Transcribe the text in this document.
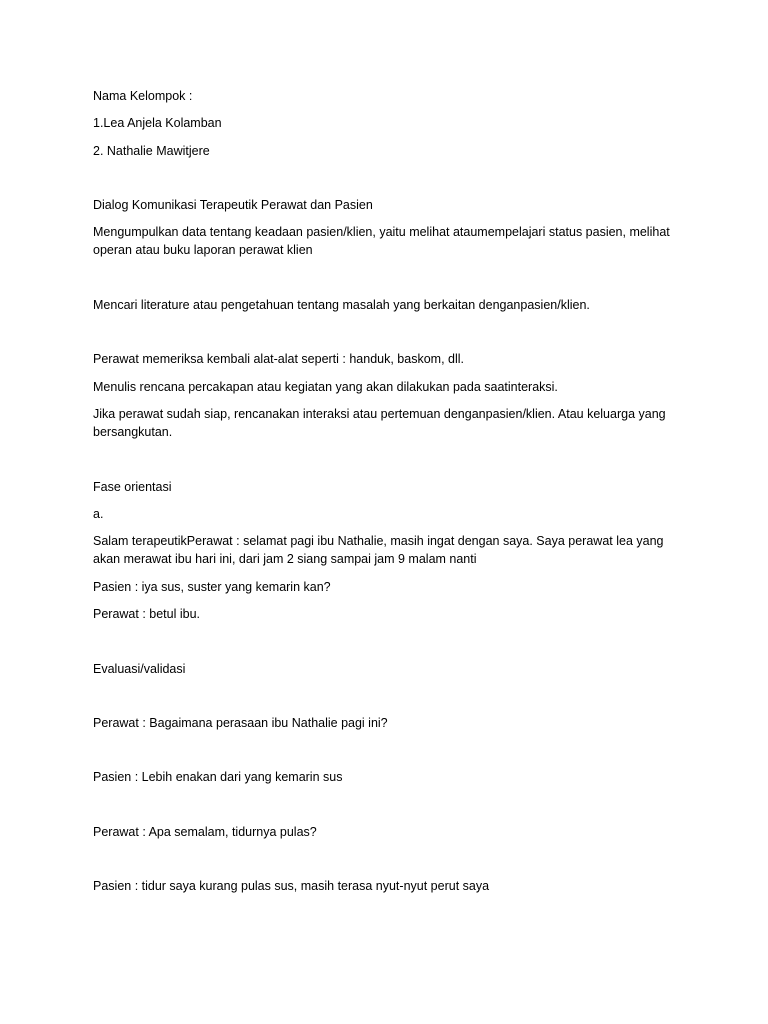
Nama Kelompok :
1.Lea Anjela Kolamban
2. Nathalie Mawitjere
Dialog Komunikasi Terapeutik Perawat dan Pasien
Mengumpulkan data tentang keadaan pasien/klien, yaitu melihat ataumempelajari status pasien, melihat operan atau buku laporan perawat klien
Mencari literature atau pengetahuan tentang masalah yang berkaitan denganpasien/klien.
Perawat memeriksa kembali alat-alat seperti : handuk, baskom, dll.
Menulis rencana percakapan atau kegiatan yang akan dilakukan pada saatinteraksi.
Jika perawat sudah siap, rencanakan interaksi atau pertemuan denganpasien/klien. Atau keluarga yang bersangkutan.
Fase orientasi
a.
Salam terapeutikPerawat : selamat pagi ibu Nathalie, masih ingat dengan saya. Saya perawat lea yang akan merawat ibu hari ini, dari jam 2 siang sampai jam 9 malam nanti
Pasien : iya sus, suster yang kemarin kan?
Perawat : betul ibu.
Evaluasi/validasi
Perawat : Bagaimana perasaan ibu Nathalie pagi ini?
Pasien : Lebih enakan dari yang kemarin sus
Perawat : Apa semalam, tidurnya pulas?
Pasien : tidur saya kurang pulas sus, masih terasa nyut-nyut perut saya
